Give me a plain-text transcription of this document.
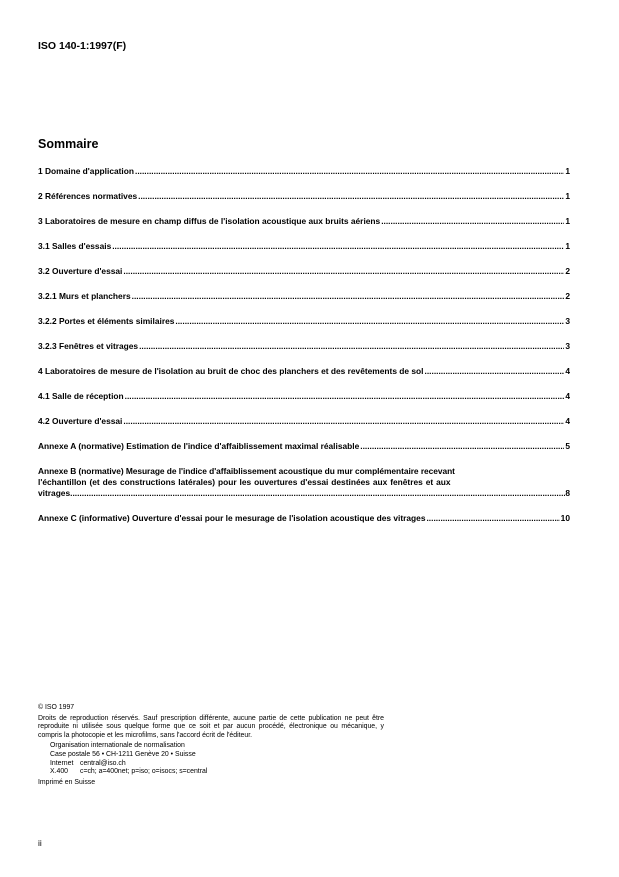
ISO 140-1:1997(F)
Sommaire
1 Domaine d'application .....	1
2 Références normatives .....	1
3 Laboratoires de mesure en champ diffus de l'isolation acoustique aux bruits aériens .....	1
3.1 Salles d'essais .....	1
3.2 Ouverture d'essai .....	2
3.2.1 Murs et planchers .....	2
3.2.2 Portes et éléments similaires .....	3
3.2.3 Fenêtres et vitrages .....	3
4 Laboratoires de mesure de l'isolation au bruit de choc des planchers et des revêtements de sol .....	4
4.1 Salle de réception .....	4
4.2 Ouverture d'essai .....	4
Annexe A (normative) Estimation de l'indice d'affaiblissement maximal réalisable .....	5
Annexe B (normative) Mesurage de l'indice d'affaiblissement acoustique du mur complémentaire recevant
l'échantillon (et des constructions latérales) pour les ouvertures d'essai destinées aux fenêtres et aux
vitrages .....	8
Annexe C (informative) Ouverture d'essai pour le mesurage de l'isolation acoustique des vitrages .....	10
© ISO 1997
Droits de reproduction réservés. Sauf prescription différente, aucune partie de cette publication ne peut être reproduite ni utilisée sous quelque forme que ce soit et par aucun procédé, électronique ou mécanique, y compris la photocopie et les microfilms, sans l'accord écrit de l'éditeur.
Organisation internationale de normalisation
Case postale 56 • CH-1211 Genève 20 • Suisse
Internet central@iso.ch
X.400	c=ch; a=400net; p=iso; o=isocs; s=central
Imprimé en Suisse
ii
